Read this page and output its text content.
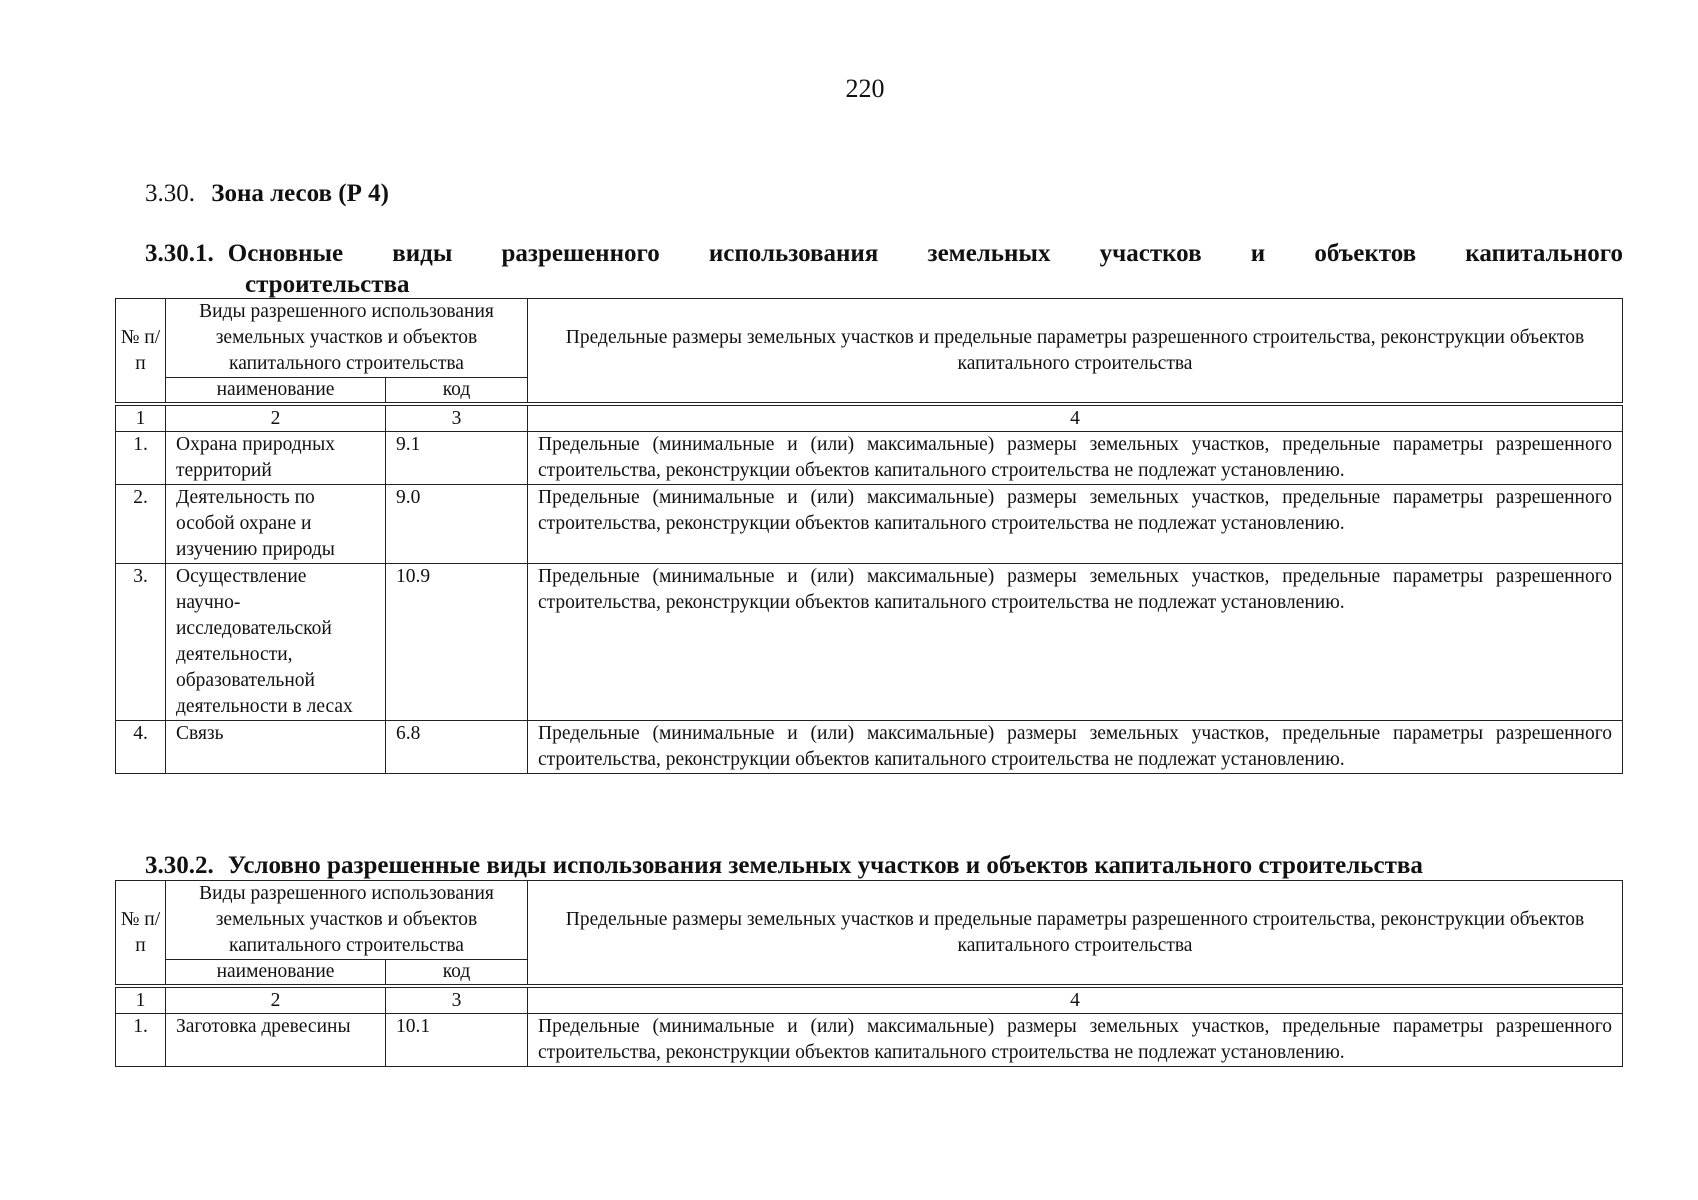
220
3.30. Зона лесов (Р 4)
3.30.1. Основные виды разрешенного использования земельных участков и объектов капитального
строительства
№ п/п	Виды разрешенного использования земельных участков и объектов капитального строительства		Предельные размеры земельных участков и предельные параметры разрешенного строительства, реконструкции объектов капитального строительства
	наименование	код	
1	2	3	4
1.	Охрана природных территорий	9.1	Предельные (минимальные и (или) максимальные) размеры земельных участков, предельные параметры разрешенного строительства, реконструкции объектов капитального строительства не подлежат установлению.
2.	Деятельность по особой охране и изучению природы	9.0	Предельные (минимальные и (или) максимальные) размеры земельных участков, предельные параметры разрешенного строительства, реконструкции объектов капитального строительства не подлежат установлению.
3.	Осуществление научно-исследовательской деятельности, образовательной деятельности в лесах	10.9	Предельные (минимальные и (или) максимальные) размеры земельных участков, предельные параметры разрешенного строительства, реконструкции объектов капитального строительства не подлежат установлению.
4.	Связь	6.8	Предельные (минимальные и (или) максимальные) размеры земельных участков, предельные параметры разрешенного строительства, реконструкции объектов капитального строительства не подлежат установлению.
3.30.2. Условно разрешенные виды использования земельных участков и объектов капитального строительства
№ п/п	Виды разрешенного использования земельных участков и объектов капитального строительства		Предельные размеры земельных участков и предельные параметры разрешенного строительства, реконструкции объектов капитального строительства
	наименование	код	
1	2	3	4
1.	Заготовка древесины	10.1	Предельные (минимальные и (или) максимальные) размеры земельных участков, предельные параметры разрешенного строительства, реконструкции объектов капитального строительства не подлежат установлению.
